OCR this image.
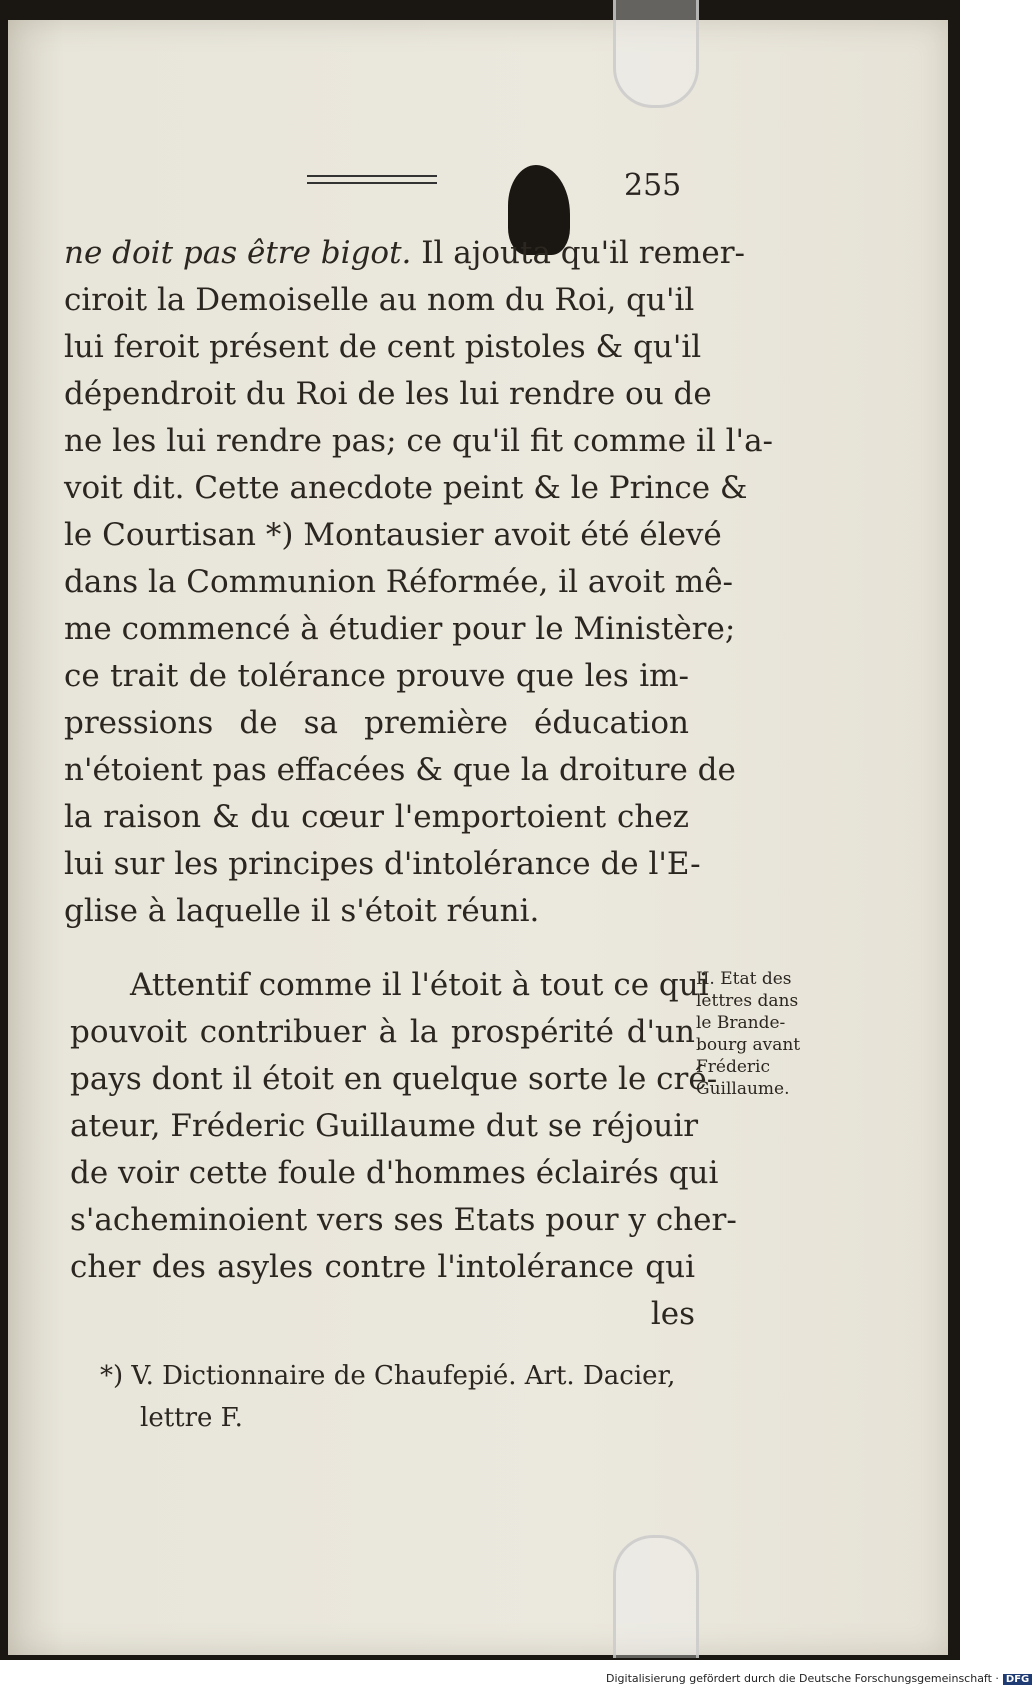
255
ne doit pas être bigot. Il ajouta qu'il remer-
ciroit la Demoiselle au nom du Roi, qu'il
lui feroit présent de cent pistoles & qu'il
dépendroit du Roi de les lui rendre ou de
ne les lui rendre pas; ce qu'il fit comme il l'a-
voit dit. Cette anecdote peint & le Prince &
le Courtisan *) Montausier avoit été élevé
dans la Communion Réformée, il avoit mê-
me commencé à étudier pour le Ministère;
ce trait de tolérance prouve que les im-
pressions de sa première éducation
n'étoient pas effacées & que la droiture de
la raison & du cœur l'emportoient chez
lui sur les principes d'intolérance de l'E-
glise à laquelle il s'étoit réuni.
Attentif comme il l'étoit à tout ce qui
pouvoit contribuer à la prospérité d'un
pays dont il étoit en quelque sorte le cré-
ateur, Fréderic Guillaume dut se réjouir
de voir cette foule d'hommes éclairés qui
s'acheminoient vers ses Etats pour y cher-
cher des asyles contre l'intolérance qui
les
II. Etat des
lettres dans
le Brande-
bourg avant
Fréderic
Guillaume.
*) V. Dictionnaire de Chaufepié. Art. Dacier,
lettre F.
Digitalisierung gefördert durch die Deutsche Forschungsgemeinschaft · DFG
